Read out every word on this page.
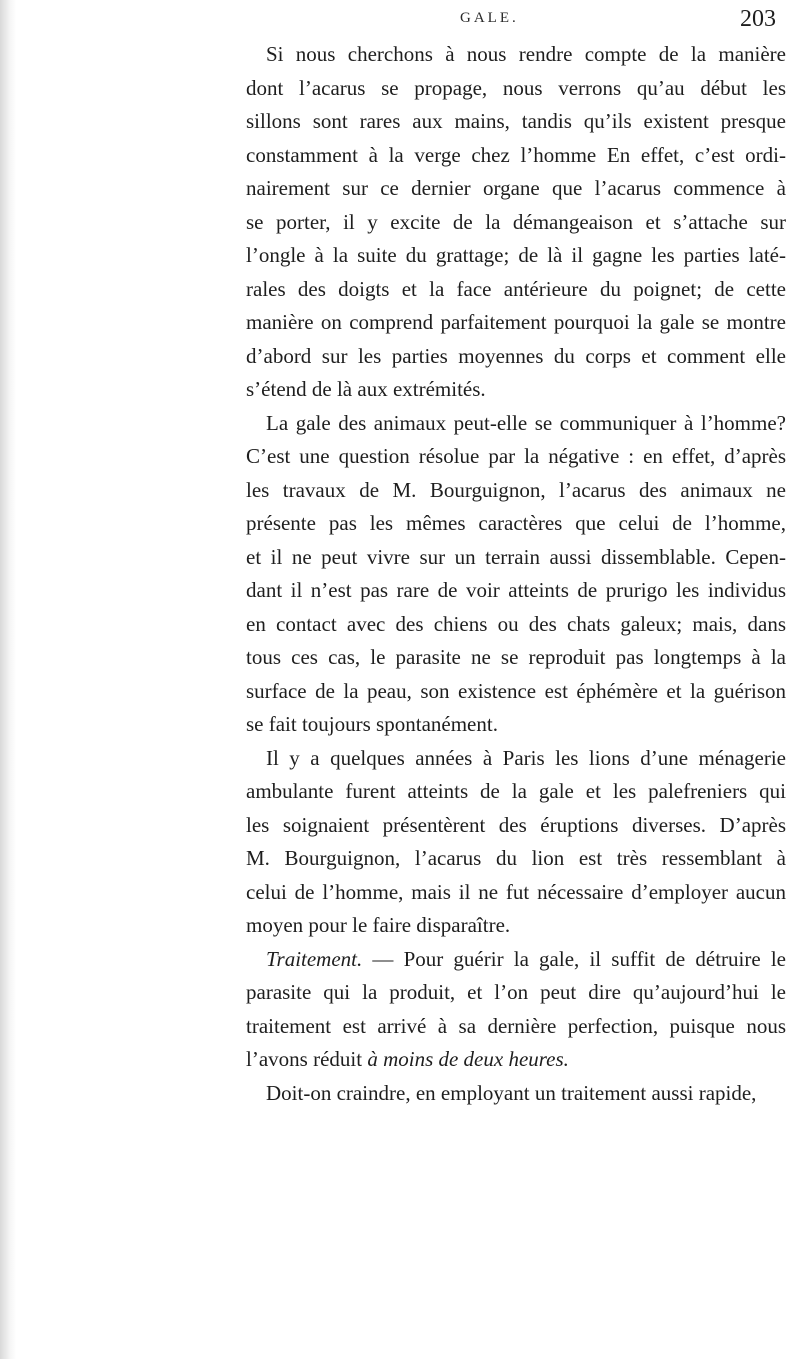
GALE.	203
Si nous cherchons à nous rendre compte de la manière
dont l’acarus se propage, nous verrons qu’au début les
sillons sont rares aux mains, tandis qu’ils existent presque
constamment à la verge chez l’homme En effet, c’est ordi-
nairement sur ce dernier organe que l’acarus commence à
se porter, il y excite de la démangeaison et s’attache sur
l’ongle à la suite du grattage; de là il gagne les parties laté-
rales des doigts et la face antérieure du poignet; de cette
manière on comprend parfaitement pourquoi la gale se montre
d’abord sur les parties moyennes du corps et comment elle
s’étend de là aux extrémités.
La gale des animaux peut-elle se communiquer à l’homme?
C’est une question résolue par la négative : en effet, d’après
les travaux de M. Bourguignon, l’acarus des animaux ne
présente pas les mêmes caractères que celui de l’homme,
et il ne peut vivre sur un terrain aussi dissemblable. Cepen-
dant il n’est pas rare de voir atteints de prurigo les individus
en contact avec des chiens ou des chats galeux; mais, dans
tous ces cas, le parasite ne se reproduit pas longtemps à la
surface de la peau, son existence est éphémère et la guérison
se fait toujours spontanément.
Il y a quelques années à Paris les lions d’une ménagerie
ambulante furent atteints de la gale et les palefreniers qui
les soignaient présentèrent des éruptions diverses. D’après
M. Bourguignon, l’acarus du lion est très ressemblant à
celui de l’homme, mais il ne fut nécessaire d’employer aucun
moyen pour le faire disparaître.
Traitement. — Pour guérir la gale, il suffit de détruire le
parasite qui la produit, et l’on peut dire qu’aujourd’hui le
traitement est arrivé à sa dernière perfection, puisque nous
l’avons réduit à moins de deux heures.
Doit-on craindre, en employant un traitement aussi rapide,
